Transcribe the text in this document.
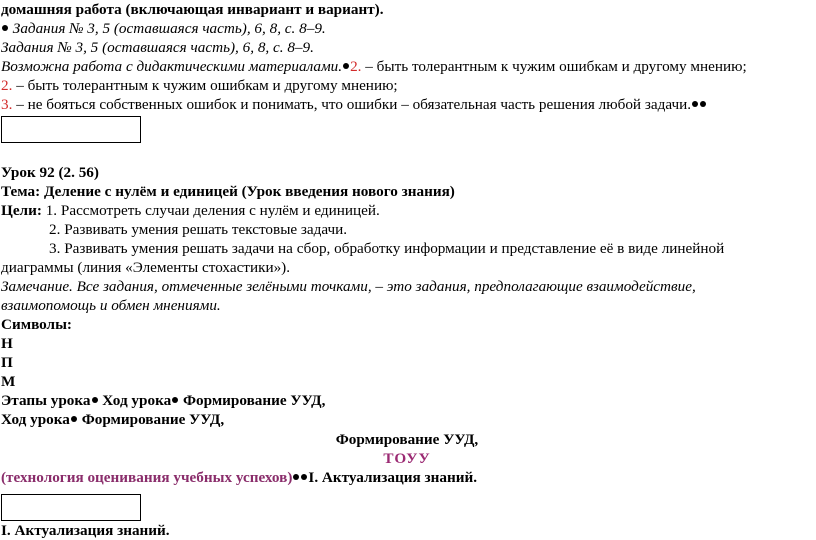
домашняя работа (включающая инвариант и вариант).
Задания № 3, 5 (оставшаяся часть), 6, 8, с. 8–9.
Задания № 3, 5 (оставшаяся часть), 6, 8, с. 8–9.
Возможна работа с дидактическими материалами. 2. – быть толерантным к чужим ошибкам и другому мнению;
2. – быть толерантным к чужим ошибкам и другому мнению;
3. – не бояться собственных ошибок и понимать, что ошибки – обязательная часть решения любой задачи.
Урок 92 (2. 56)
Тема: Деление с нулём и единицей (Урок введения нового знания)
Цели: 1. Рассмотреть случаи деления с нулём и единицей.
2. Развивать умения решать текстовые задачи.
3. Развивать умения решать задачи на сбор, обработку информации и представление её в виде линейной
диаграммы (линия «Элементы стохастики»).
Замечание. Все задания, отмеченные зелёными точками, – это задания, предполагающие взаимодействие,
взаимопомощь и обмен мнениями.
Символы:
Н
П
М
Этапы урока Ход урока Формирование УУД,
Ход урока Формирование УУД,
Формирование УУД,
ТОУУ
(технология оценивания учебных успехов) I. Актуализация знаний.
I. Актуализация знаний.
